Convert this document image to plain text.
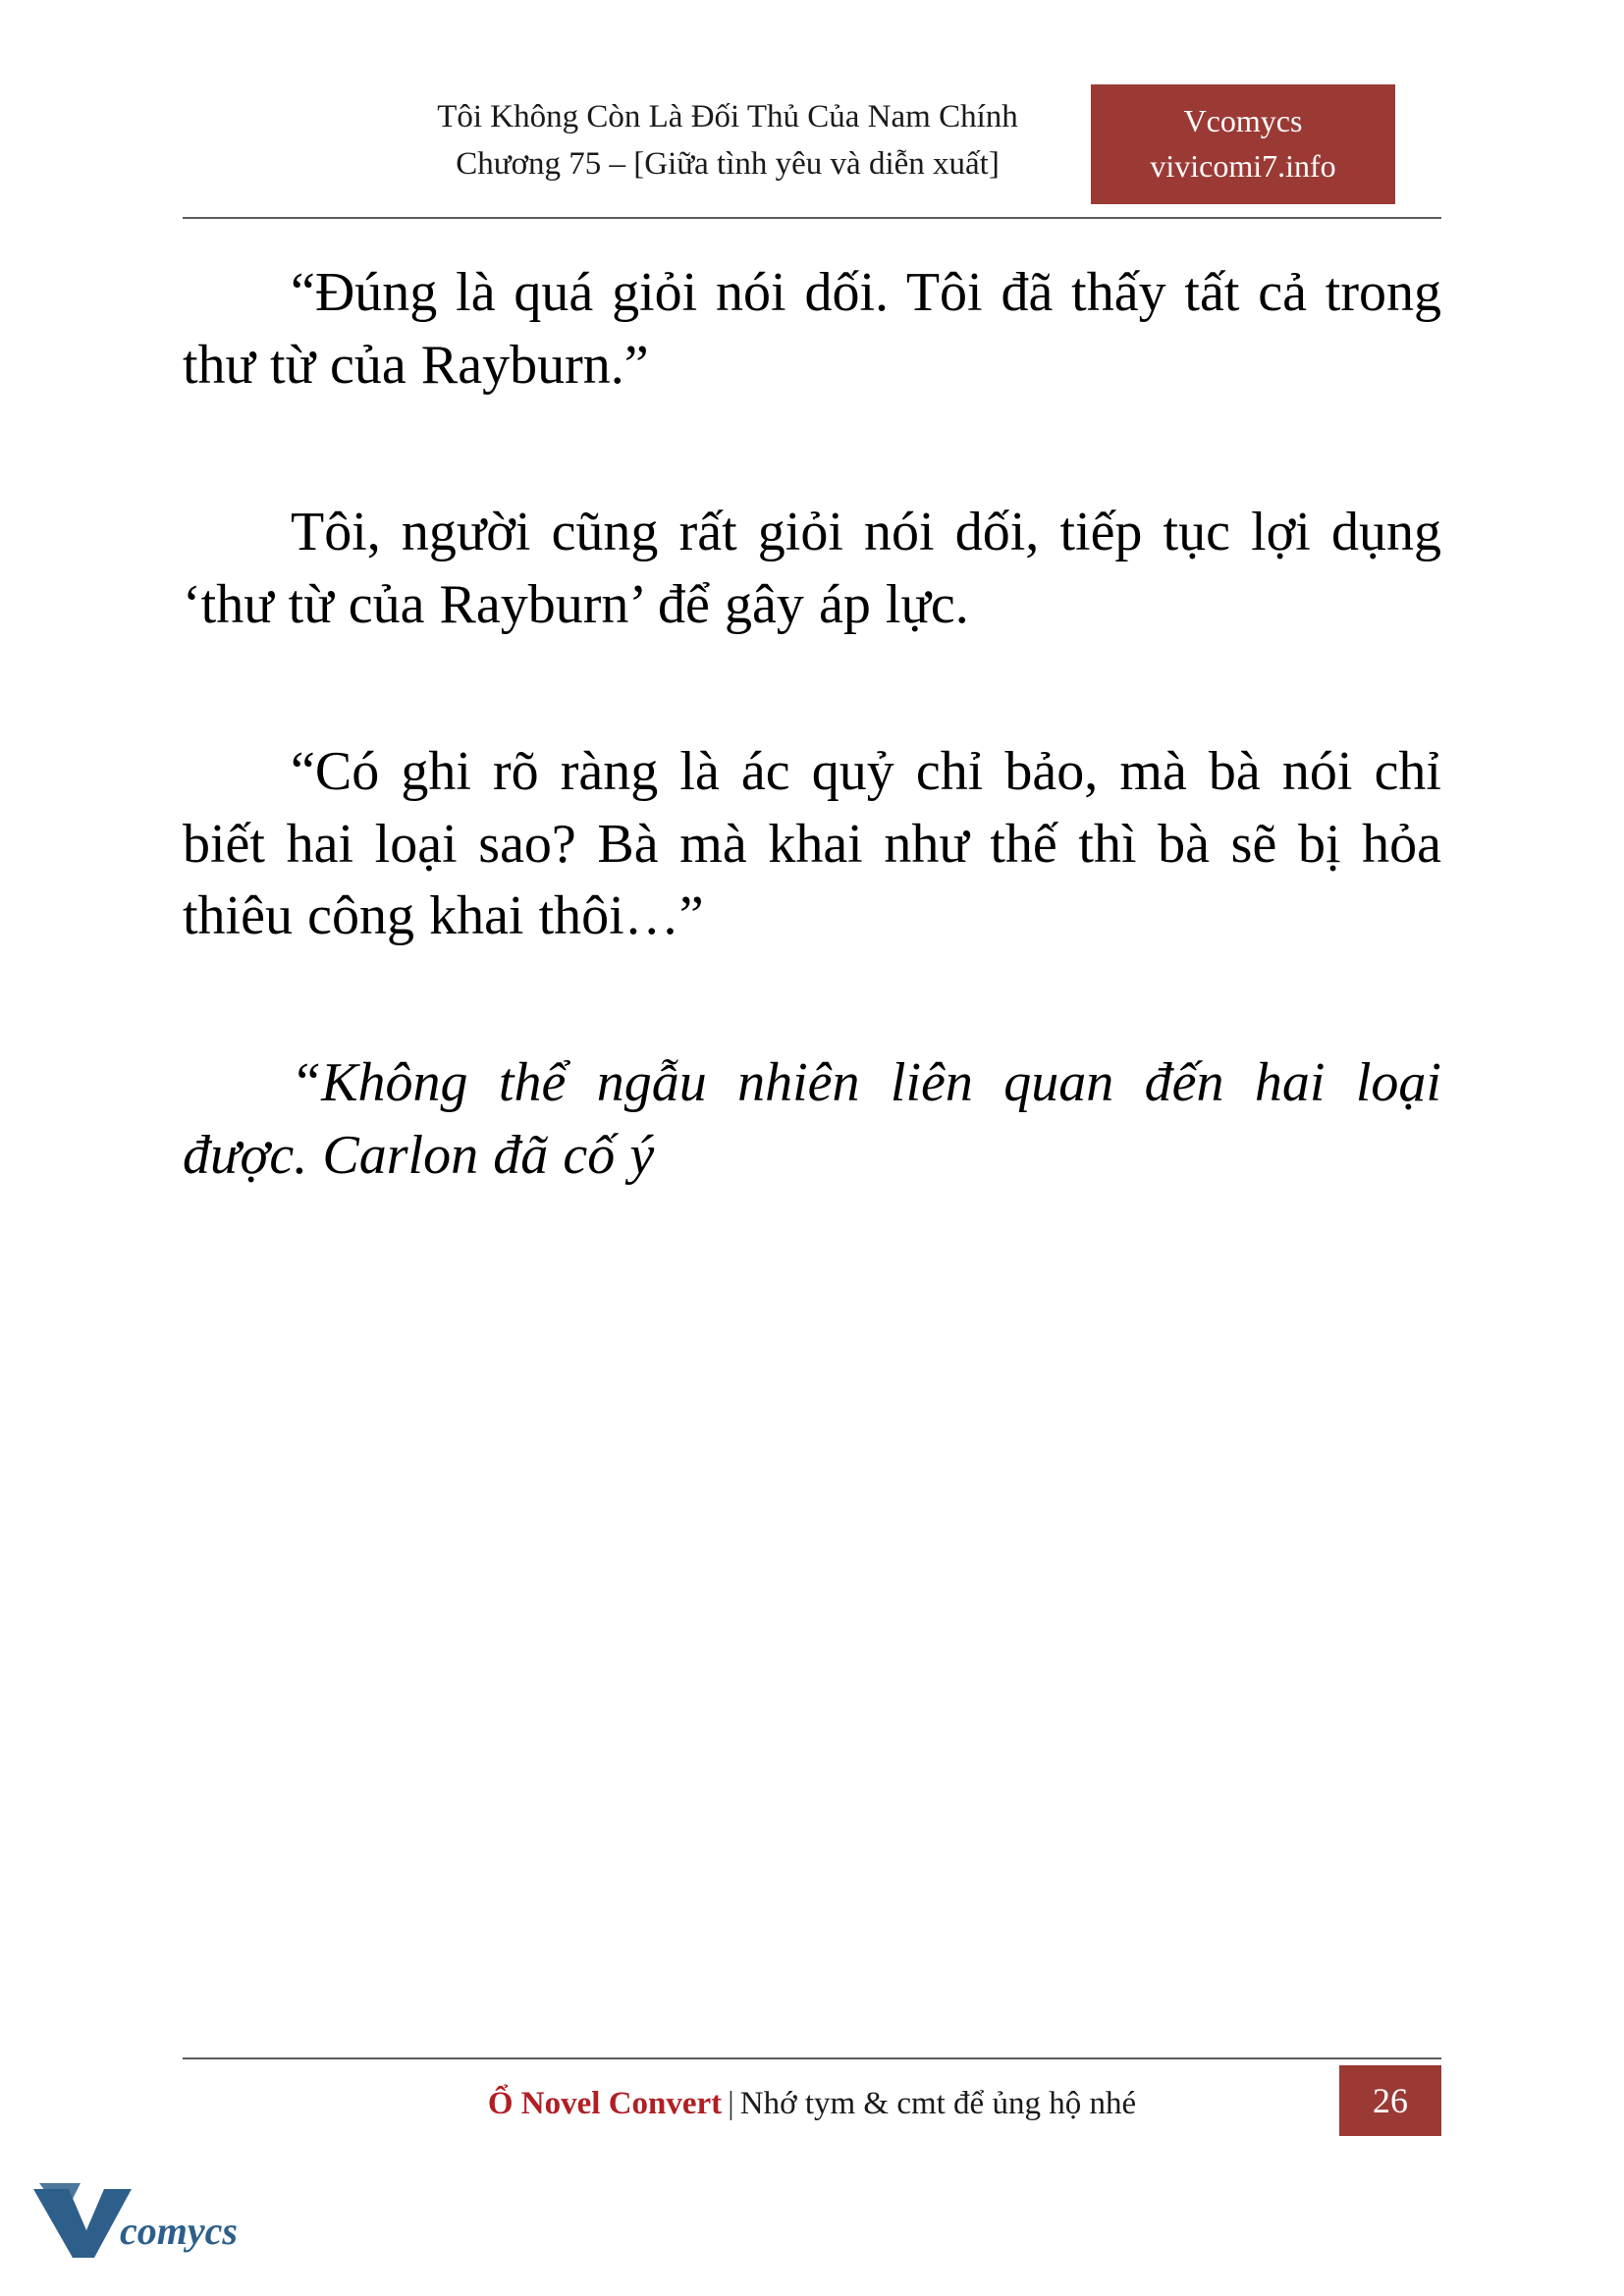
Tôi Không Còn Là Đối Thủ Của Nam Chính
Chương 75 – [Giữa tình yêu và diễn xuất]
Vcomycs
vivicomi7.info

“Đúng là quá giỏi nói dối. Tôi đã thấy tất cả trong thư từ của Rayburn.”

Tôi, người cũng rất giỏi nói dối, tiếp tục lợi dụng ‘thư từ của Rayburn’ để gây áp lực.

“Có ghi rõ ràng là ác quỷ chỉ bảo, mà bà nói chỉ biết hai loại sao? Bà mà khai như thế thì bà sẽ bị hỏa thiêu công khai thôi…”

“Không thể ngẫu nhiên liên quan đến hai loại được. Carlon đã cố ý

Ổ Novel Convert | Nhớ tym & cmt để ủng hộ nhé	26
comycs
